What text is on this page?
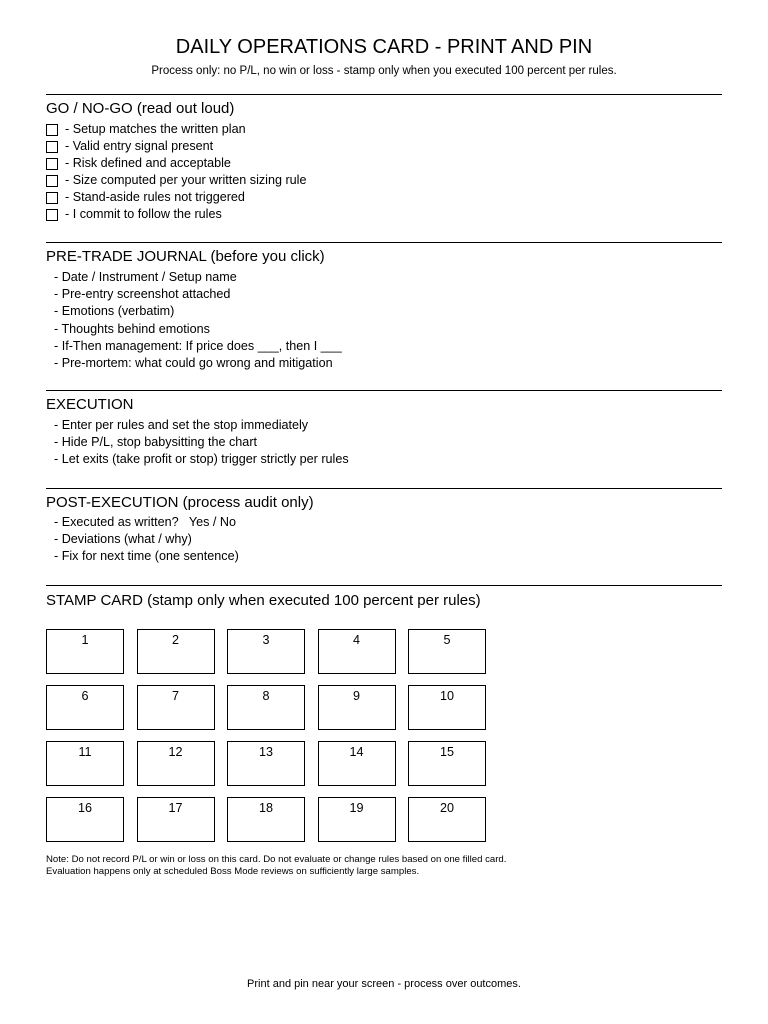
DAILY OPERATIONS CARD - PRINT AND PIN
Process only: no P/L, no win or loss - stamp only when you executed 100 percent per rules.
GO / NO-GO (read out loud)
- Setup matches the written plan
- Valid entry signal present
- Risk defined and acceptable
- Size computed per your written sizing rule
- Stand-aside rules not triggered
- I commit to follow the rules
PRE-TRADE JOURNAL (before you click)
- Date / Instrument / Setup name
- Pre-entry screenshot attached
- Emotions (verbatim)
- Thoughts behind emotions
- If-Then management: If price does ___, then I ___
- Pre-mortem: what could go wrong and mitigation
EXECUTION
- Enter per rules and set the stop immediately
- Hide P/L, stop babysitting the chart
- Let exits (take profit or stop) trigger strictly per rules
POST-EXECUTION (process audit only)
- Executed as written?   Yes / No
- Deviations (what / why)
- Fix for next time (one sentence)
STAMP CARD (stamp only when executed 100 percent per rules)
1	2	3	4	5
6	7	8	9	10
11	12	13	14	15
16	17	18	19	20
Note: Do not record P/L or win or loss on this card. Do not evaluate or change rules based on one filled card.
Evaluation happens only at scheduled Boss Mode reviews on sufficiently large samples.
Print and pin near your screen - process over outcomes.
